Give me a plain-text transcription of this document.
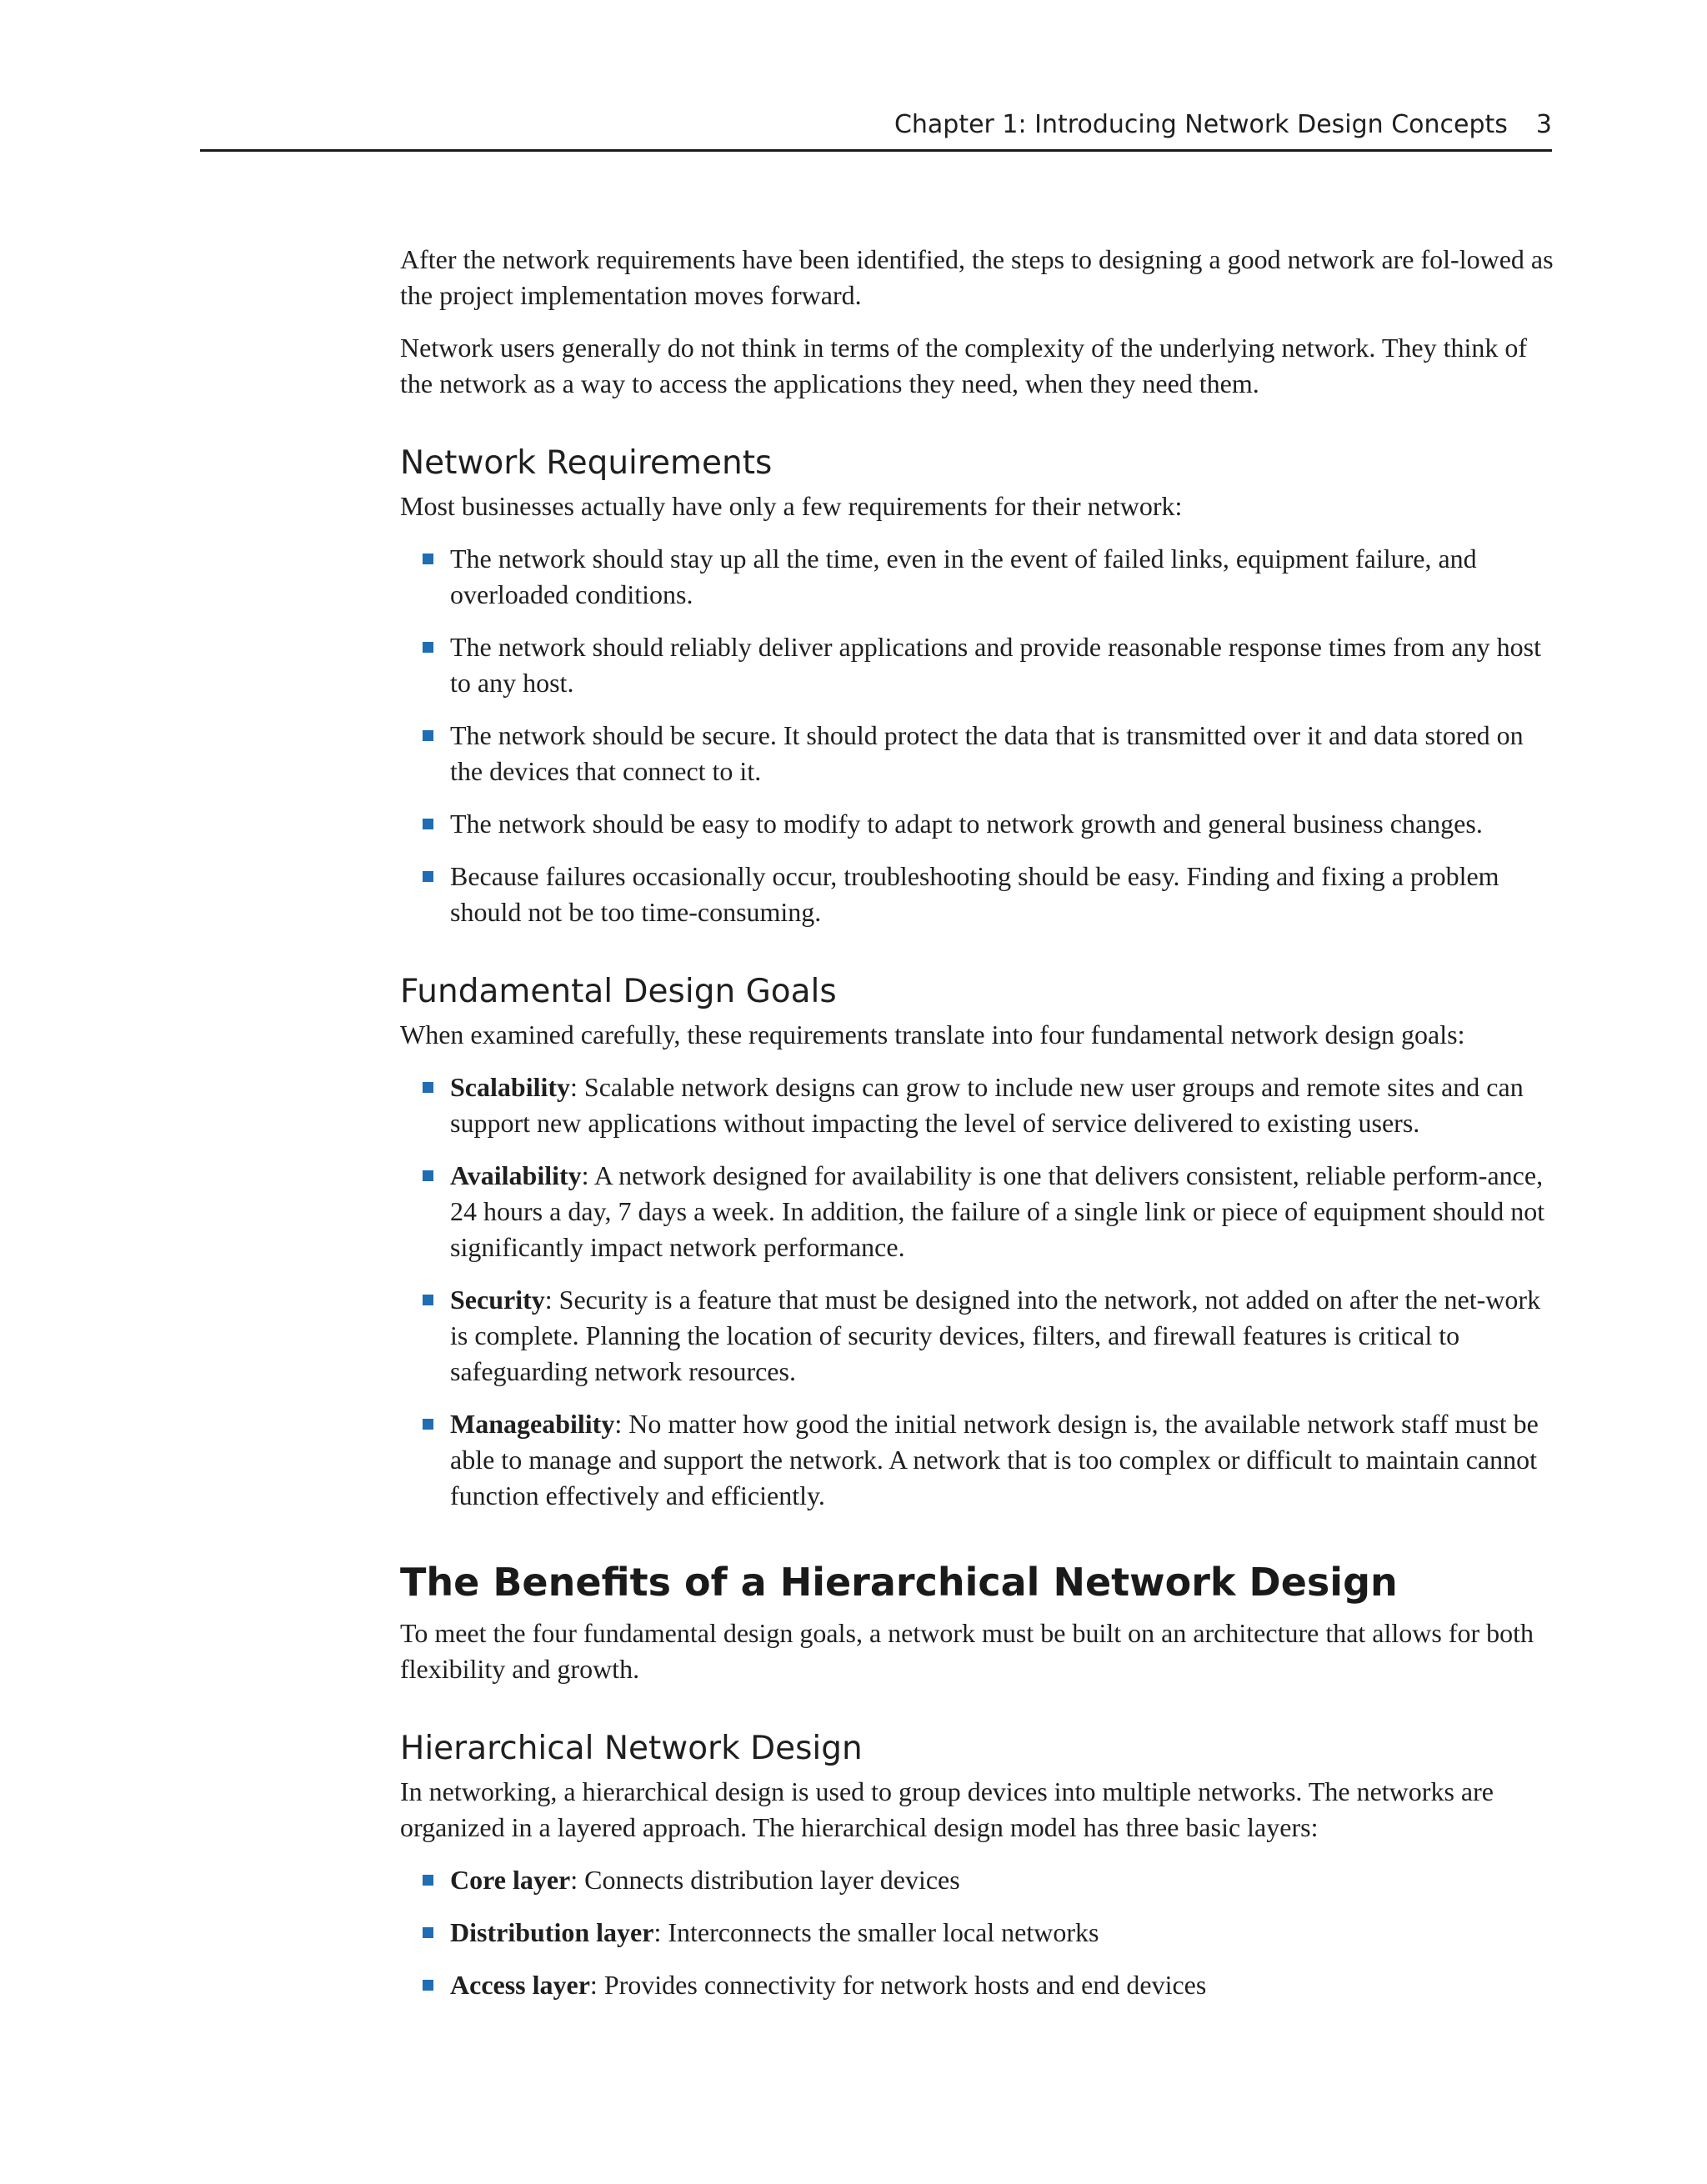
Chapter 1: Introducing Network Design Concepts 3

After the network requirements have been identified, the steps to designing a good network are fol-lowed as the project implementation moves forward.

Network users generally do not think in terms of the complexity of the underlying network. They think of the network as a way to access the applications they need, when they need them.

Network Requirements

Most businesses actually have only a few requirements for their network:

The network should stay up all the time, even in the event of failed links, equipment failure, and overloaded conditions.
The network should reliably deliver applications and provide reasonable response times from any host to any host.
The network should be secure. It should protect the data that is transmitted over it and data stored on the devices that connect to it.
The network should be easy to modify to adapt to network growth and general business changes.
Because failures occasionally occur, troubleshooting should be easy. Finding and fixing a problem should not be too time-consuming.
Fundamental Design Goals

When examined carefully, these requirements translate into four fundamental network design goals:

Scalability: Scalable network designs can grow to include new user groups and remote sites and can support new applications without impacting the level of service delivered to existing users.
Availability: A network designed for availability is one that delivers consistent, reliable perform-ance, 24 hours a day, 7 days a week. In addition, the failure of a single link or piece of equipment should not significantly impact network performance.
Security: Security is a feature that must be designed into the network, not added on after the net-work is complete. Planning the location of security devices, filters, and firewall features is critical to safeguarding network resources.
Manageability: No matter how good the initial network design is, the available network staff must be able to manage and support the network. A network that is too complex or difficult to maintain cannot function effectively and efficiently.
The Benefits of a Hierarchical Network Design

To meet the four fundamental design goals, a network must be built on an architecture that allows for both flexibility and growth.

Hierarchical Network Design

In networking, a hierarchical design is used to group devices into multiple networks. The networks are organized in a layered approach. The hierarchical design model has three basic layers:

Core layer: Connects distribution layer devices
Distribution layer: Interconnects the smaller local networks
Access layer: Provides connectivity for network hosts and end devices
